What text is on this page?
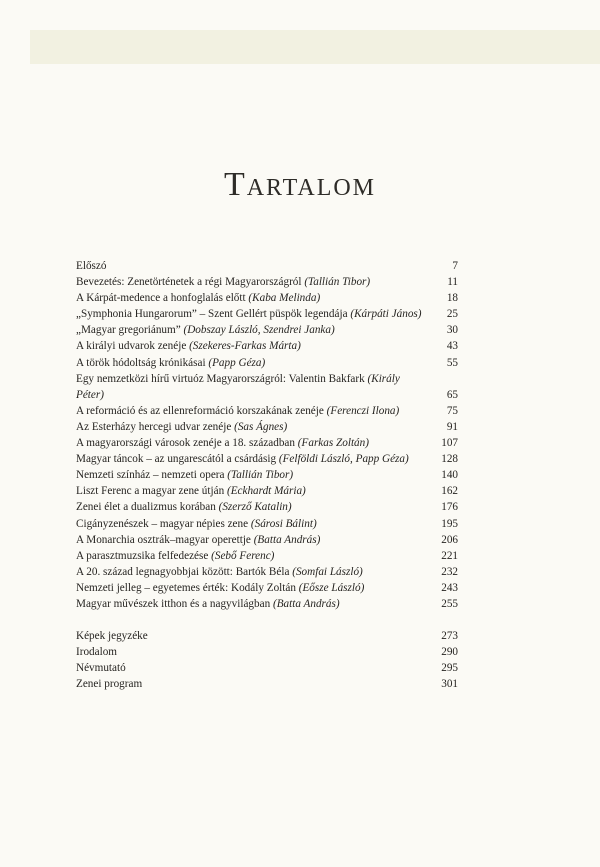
Tartalom
Előszó	7
Bevezetés: Zenetörténetek a régi Magyarországról (Tallián Tibor)	11
A Kárpát-medence a honfoglalás előtt (Kaba Melinda)	18
„Symphonia Hungarorum” – Szent Gellért püspök legendája (Kárpáti János)	25
„Magyar gregoriánum” (Dobszay László, Szendrei Janka)	30
A királyi udvarok zenéje (Szekeres-Farkas Márta)	43
A török hódoltság krónikásai (Papp Géza)	55
Egy nemzetközi hírű virtuóz Magyarországról: Valentin Bakfark (Király Péter)	65
A reformáció és az ellenreformáció korszakának zenéje (Ferenczi Ilona)	75
Az Esterházy hercegi udvar zenéje (Sas Ágnes)	91
A magyarországi városok zenéje a 18. században (Farkas Zoltán)	107
Magyar táncok – az ungarescától a csárdásig (Felföldi László, Papp Géza)	128
Nemzeti színház – nemzeti opera (Tallián Tibor)	140
Liszt Ferenc a magyar zene útján (Eckhardt Mária)	162
Zenei élet a dualizmus korában (Szerző Katalin)	176
Cigányzenészek – magyar népies zene (Sárosi Bálint)	195
A Monarchia osztrák–magyar operettje (Batta András)	206
A parasztmuzsika felfedezése (Sebő Ferenc)	221
A 20. század legnagyobbjai között: Bartók Béla (Somfai László)	232
Nemzeti jelleg – egyetemes érték: Kodály Zoltán (Eősze László)	243
Magyar művészek itthon és a nagyvilágban (Batta András)	255
Képek jegyzéke	273
Irodalom	290
Névmutató	295
Zenei program	301
